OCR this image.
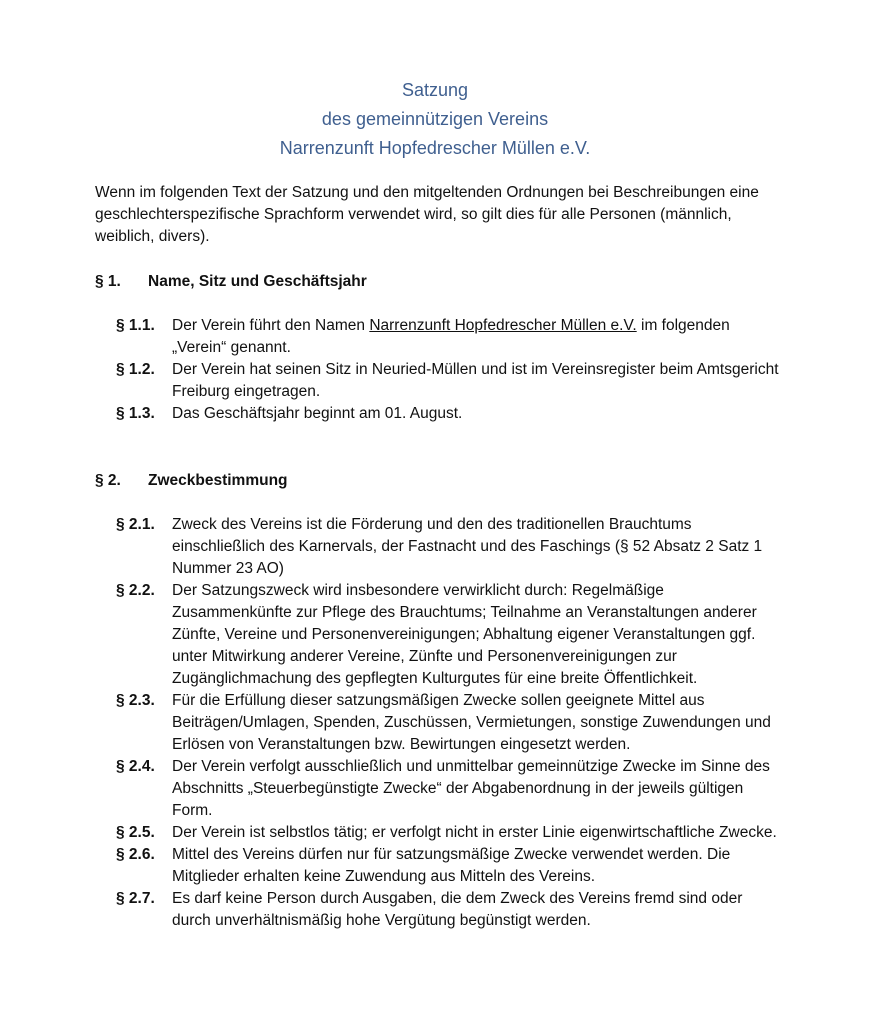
Satzung
des gemeinnützigen Vereins
Narrenzunft Hopfedrescher Müllen e.V.
Wenn im folgenden Text der Satzung und den mitgeltenden Ordnungen bei Beschreibungen eine geschlechterspezifische Sprachform verwendet wird, so gilt dies für alle Personen (männlich, weiblich, divers).
§ 1. Name, Sitz und Geschäftsjahr
§ 1.1.	Der Verein führt den Namen Narrenzunft Hopfedrescher Müllen e.V. im folgenden „Verein“ genannt.
§ 1.2.	Der Verein hat seinen Sitz in Neuried-Müllen und ist im Vereinsregister beim Amtsgericht Freiburg eingetragen.
§ 1.3.	Das Geschäftsjahr beginnt am 01. August.
§ 2. Zweckbestimmung
§ 2.1.	Zweck des Vereins ist die Förderung und den des traditionellen Brauchtums einschließlich des Karnervals, der Fastnacht und des Faschings (§ 52 Absatz 2 Satz 1 Nummer 23 AO)
§ 2.2.	Der Satzungszweck wird insbesondere verwirklicht durch: Regelmäßige Zusammenkünfte zur Pflege des Brauchtums; Teilnahme an Veranstaltungen anderer Zünfte, Vereine und Personenvereinigungen; Abhaltung eigener Veranstaltungen ggf. unter Mitwirkung anderer Vereine, Zünfte und Personenvereinigungen zur Zugänglichmachung des gepflegten Kulturgutes für eine breite Öffentlichkeit.
§ 2.3.	Für die Erfüllung dieser satzungsmäßigen Zwecke sollen geeignete Mittel aus Beiträgen/Umlagen, Spenden, Zuschüssen, Vermietungen, sonstige Zuwendungen und Erlösen von Veranstaltungen bzw. Bewirtungen eingesetzt werden.
§ 2.4.	Der Verein verfolgt ausschließlich und unmittelbar gemeinnützige Zwecke im Sinne des Abschnitts „Steuerbegünstigte Zwecke“ der Abgabenordnung in der jeweils gültigen Form.
§ 2.5.	Der Verein ist selbstlos tätig; er verfolgt nicht in erster Linie eigenwirtschaftliche Zwecke.
§ 2.6.	Mittel des Vereins dürfen nur für satzungsmäßige Zwecke verwendet werden. Die Mitglieder erhalten keine Zuwendung aus Mitteln des Vereins.
§ 2.7.	Es darf keine Person durch Ausgaben, die dem Zweck des Vereins fremd sind oder durch unverhältnismäßig hohe Vergütung begünstigt werden.
